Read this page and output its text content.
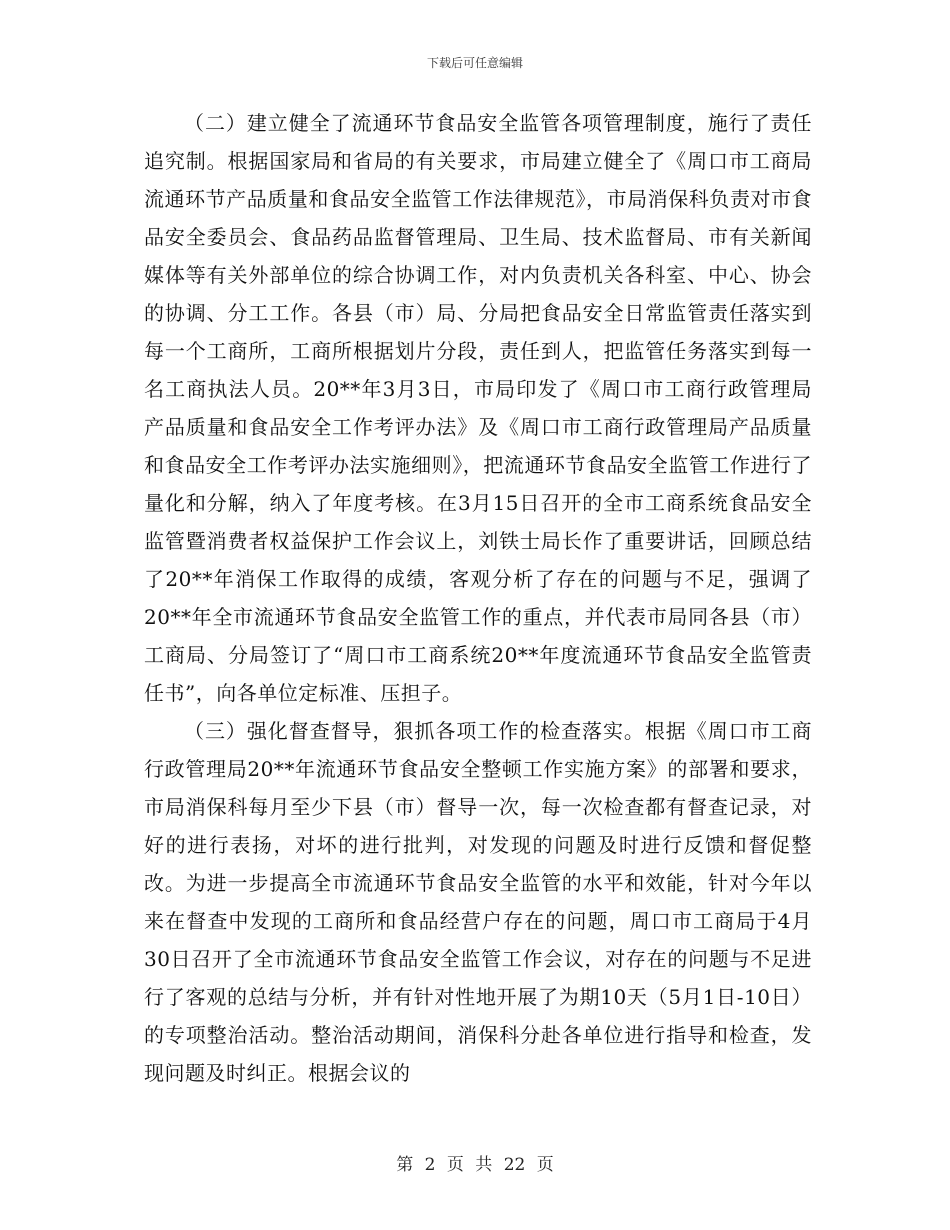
下载后可任意编辑

（二）建立健全了流通环节食品安全监管各项管理制度，施行了责任追究制。根据国家局和省局的有关要求，市局建立健全了《周口市工商局流通环节产品质量和食品安全监管工作法律规范》，市局消保科负责对市食品安全委员会、食品药品监督管理局、卫生局、技术监督局、市有关新闻媒体等有关外部单位的综合协调工作，对内负责机关各科室、中心、协会的协调、分工工作。各县（市）局、分局把食品安全日常监管责任落实到每一个工商所，工商所根据划片分段，责任到人，把监管任务落实到每一名工商执法人员。20**年3月3日，市局印发了《周口市工商行政管理局产品质量和食品安全工作考评办法》及《周口市工商行政管理局产品质量和食品安全工作考评办法实施细则》，把流通环节食品安全监管工作进行了量化和分解，纳入了年度考核。在3月15日召开的全市工商系统食品安全监管暨消费者权益保护工作会议上，刘铁士局长作了重要讲话，回顾总结了20**年消保工作取得的成绩，客观分析了存在的问题与不足，强调了20**年全市流通环节食品安全监管工作的重点，并代表市局同各县（市）工商局、分局签订了“周口市工商系统20**年度流通环节食品安全监管责任书”，向各单位定标准、压担子。

（三）强化督查督导，狠抓各项工作的检查落实。根据《周口市工商行政管理局20**年流通环节食品安全整顿工作实施方案》的部署和要求，市局消保科每月至少下县（市）督导一次，每一次检查都有督查记录，对好的进行表扬，对坏的进行批判，对发现的问题及时进行反馈和督促整改。为进一步提高全市流通环节食品安全监管的水平和效能，针对今年以来在督查中发现的工商所和食品经营户存在的问题，周口市工商局于4月30日召开了全市流通环节食品安全监管工作会议，对存在的问题与不足进行了客观的总结与分析，并有针对性地开展了为期10天（5月1日-10日）的专项整治活动。整治活动期间，消保科分赴各单位进行指导和检查，发现问题及时纠正。根据会议的

第 2 页 共 22 页
